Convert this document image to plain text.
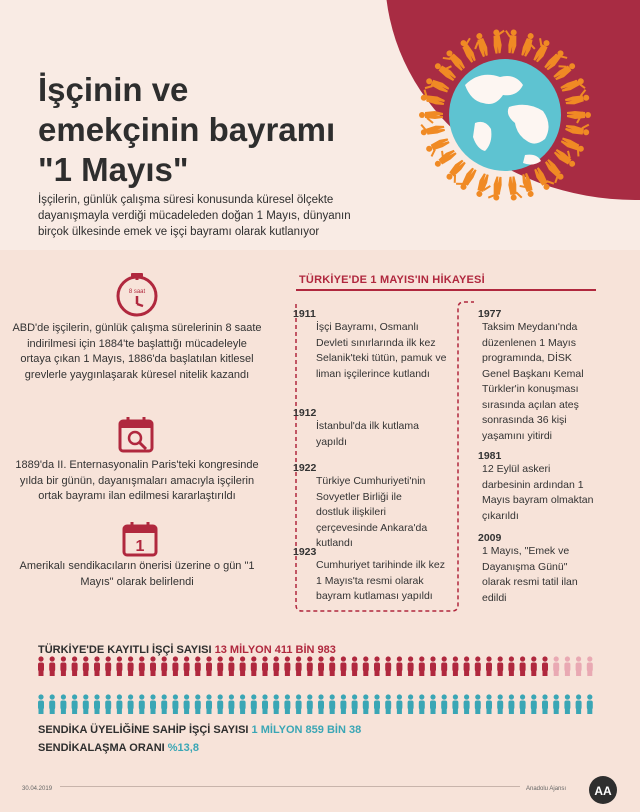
İşçinin ve
emekçinin bayramı
"1 Mayıs"
İşçilerin, günlük çalışma süresi konusunda küresel ölçekte dayanışmayla verdiği mücadeleden doğan 1 Mayıs, dünyanın birçok ülkesinde emek ve işçi bayramı olarak kutlanıyor
8 saat
ABD'de işçilerin, günlük çalışma sürelerinin 8 saate indirilmesi için 1884'te başlattığı mücadeleyle ortaya çıkan 1 Mayıs, 1886'da başlatılan kitlesel grevlerle yaygınlaşarak küresel nitelik kazandı
1889'da II. Enternasyonalin Paris'teki kongresinde yılda bir günün, dayanışmaları amacıyla işçilerin ortak bayramı ilan edilmesi kararlaştırıldı
1
Amerikalı sendikacıların önerisi üzerine o gün "1 Mayıs" olarak belirlendi
TÜRKİYE'DE 1 MAYIS'IN HİKAYESİ
1911
İşçi Bayramı, Osmanlı Devleti sınırlarında ilk kez Selanik'teki tütün, pamuk ve liman işçilerince kutlandı
1912
İstanbul'da ilk kutlama yapıldı
1922
Türkiye Cumhuriyeti'nin Sovyetler Birliği ile dostluk ilişkileri çerçevesinde Ankara'da kutlandı
1923
Cumhuriyet tarihinde ilk kez 1 Mayıs'ta resmi olarak bayram kutlaması yapıldı
1977
Taksim Meydanı'nda düzenlenen 1 Mayıs programında, DİSK Genel Başkanı Kemal Türkler'in konuşması sırasında açılan ateş sonrasında 36 kişi yaşamını yitirdi
1981
12 Eylül askeri darbesinin ardından 1 Mayıs bayram olmaktan çıkarıldı
2009
1 Mayıs, "Emek ve Dayanışma Günü" olarak resmi tatil ilan edildi
TÜRKİYE'DE KAYITLI İŞÇİ SAYISI 13 MİLYON 411 BİN 983
SENDİKA ÜYELİĞİNE SAHİP İŞÇİ SAYISI 1 MİLYON 859 BİN 38
SENDİKALAŞMA ORANI %13,8
30.04.2019	Anadolu Ajansı AA
